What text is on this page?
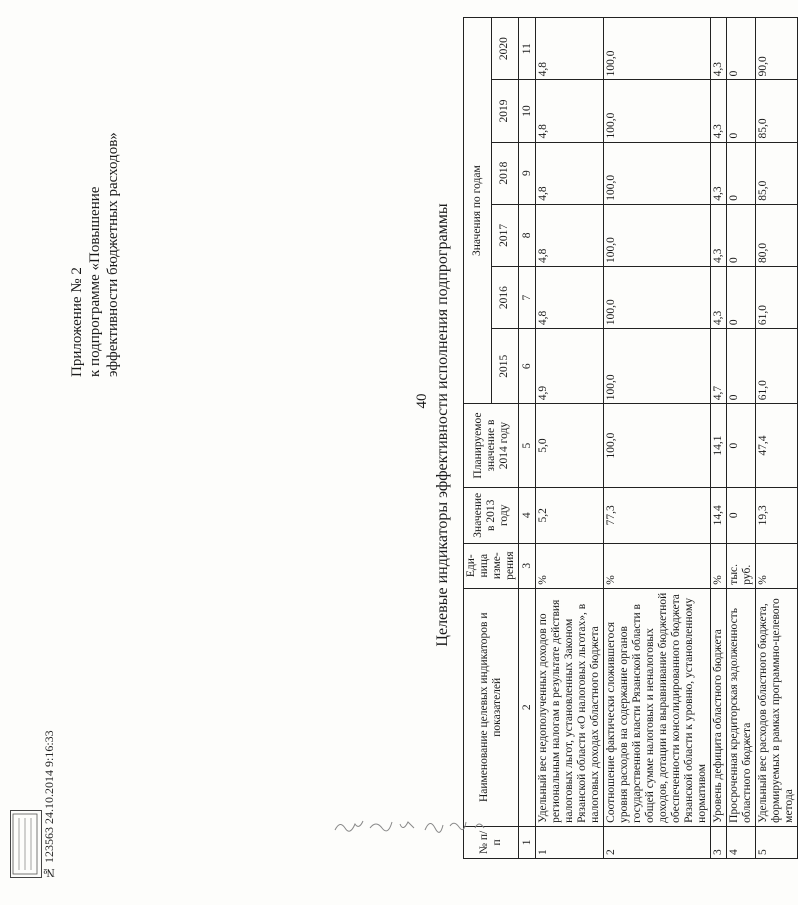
40
Приложение № 2 к подпрограмме «Повышение эффективности бюджетных расходов»	Целевые индикаторы эффективности исполнения подпрограммы
№ п/п	Наименование целевых индикаторов и показателей	Еди- ница изме- рения	Значение в 2013 году	Планируемое значение в 2014 году	Значения по годам					
					2015	2016	2017	2018	2019	2020
1	2	3	4	5	6	7	8	9	10	11
1	Удельный вес недополученных доходов по региональным налогам в результате действия налоговых льгот, установленных Законом Рязанской области «О налоговых льготах», в налоговых доходах областного бюджета	%	5,2	5,0	4,9	4,8	4,8	4,8	4,8	4,8
2	Соотношение фактически сложившегося уровня расходов на содержание органов государственной власти Рязанской области в общей сумме налоговых и неналоговых доходов, дотации на выравнивание бюджетной обеспеченности консолидированного бюджета Рязанской области к уровню, установленному нормативом	%	77,3	100,0	100,0	100,0	100,0	100,0	100,0	100,0
3	Уровень дефицита областного бюджета	%	14,4	14,1	4,7	4,3	4,3	4,3	4,3	4,3
4	Просроченная кредиторская задолженность областного бюджета	тыс. руб.	0	0	0	0	0	0	0	0
5	Удельный вес расходов областного бюджета, формируемых в рамках программно-целевого метода	%	19,3	47,4	61,0	61,0	80,0	85,0	85,0	90,0
№ 123563 24.10.2014 9:16:33
